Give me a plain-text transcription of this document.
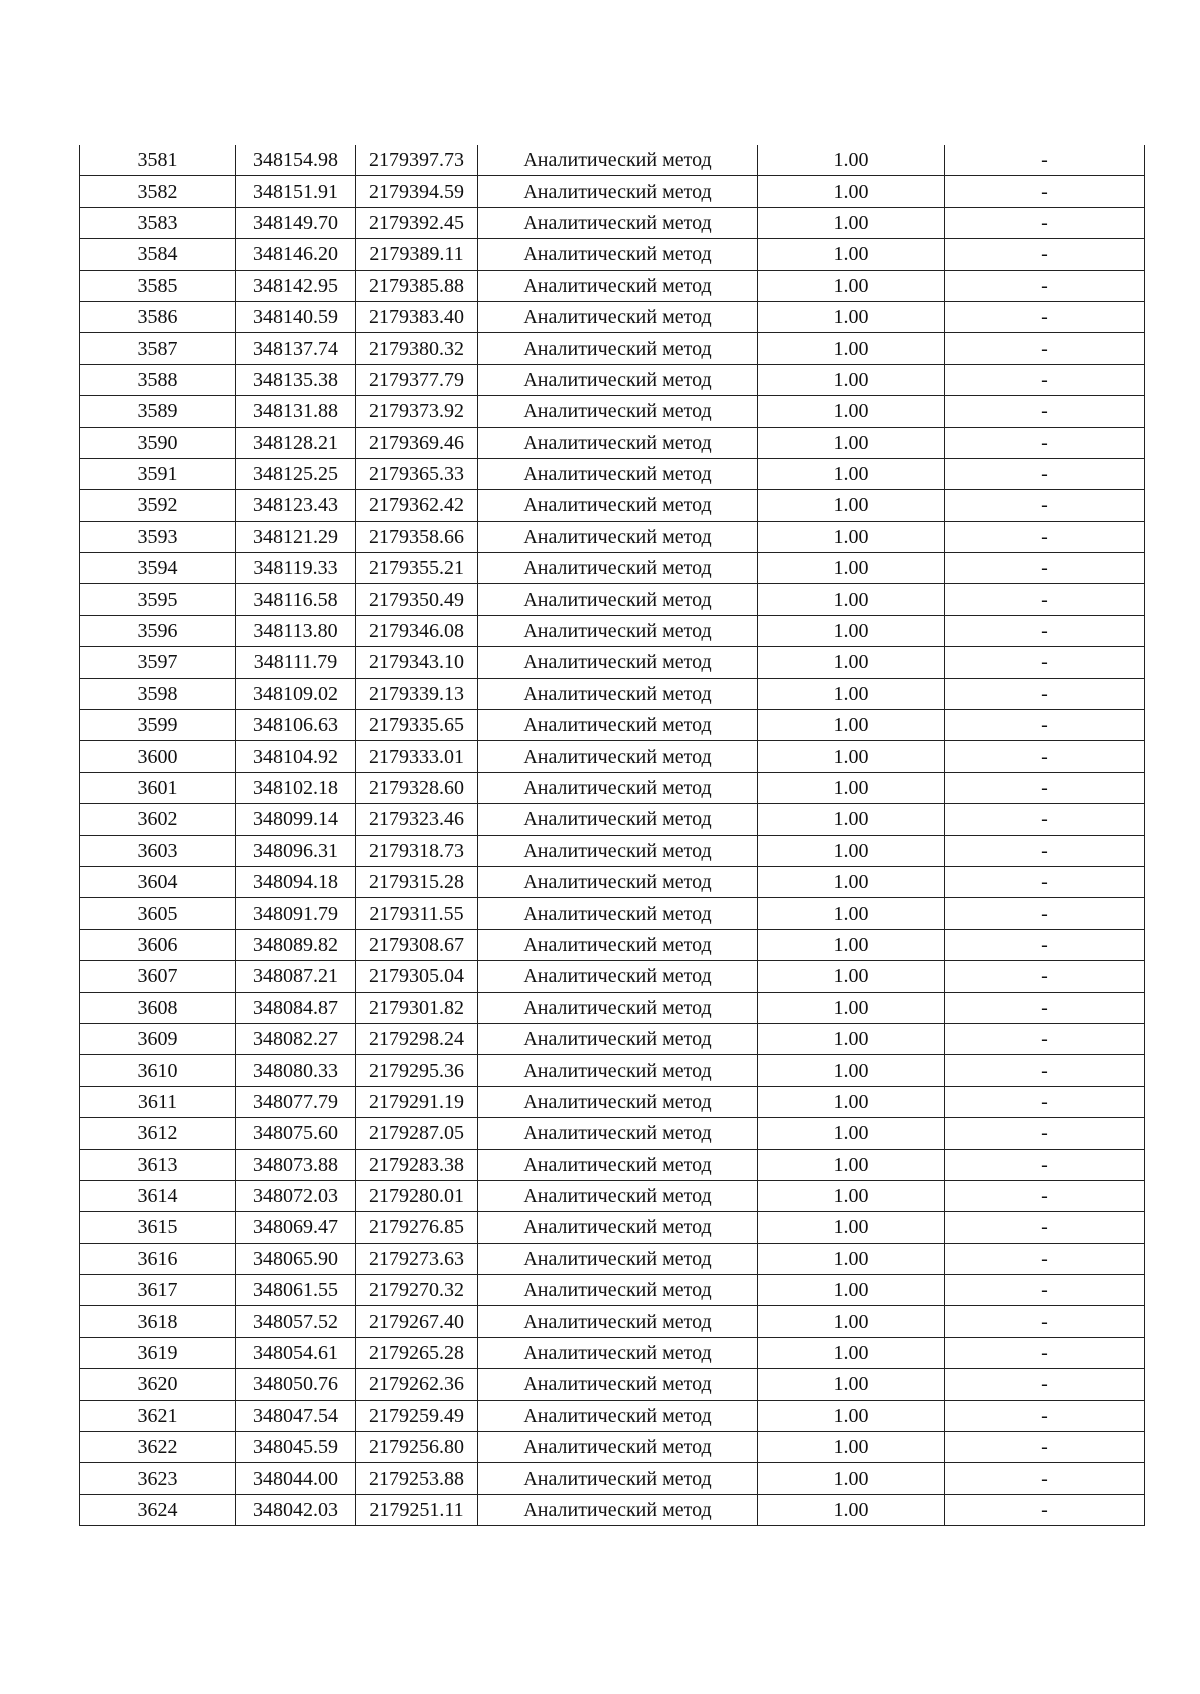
3581	348154.98	2179397.73	Аналитический метод	1.00	-
3582	348151.91	2179394.59	Аналитический метод	1.00	-
3583	348149.70	2179392.45	Аналитический метод	1.00	-
3584	348146.20	2179389.11	Аналитический метод	1.00	-
3585	348142.95	2179385.88	Аналитический метод	1.00	-
3586	348140.59	2179383.40	Аналитический метод	1.00	-
3587	348137.74	2179380.32	Аналитический метод	1.00	-
3588	348135.38	2179377.79	Аналитический метод	1.00	-
3589	348131.88	2179373.92	Аналитический метод	1.00	-
3590	348128.21	2179369.46	Аналитический метод	1.00	-
3591	348125.25	2179365.33	Аналитический метод	1.00	-
3592	348123.43	2179362.42	Аналитический метод	1.00	-
3593	348121.29	2179358.66	Аналитический метод	1.00	-
3594	348119.33	2179355.21	Аналитический метод	1.00	-
3595	348116.58	2179350.49	Аналитический метод	1.00	-
3596	348113.80	2179346.08	Аналитический метод	1.00	-
3597	348111.79	2179343.10	Аналитический метод	1.00	-
3598	348109.02	2179339.13	Аналитический метод	1.00	-
3599	348106.63	2179335.65	Аналитический метод	1.00	-
3600	348104.92	2179333.01	Аналитический метод	1.00	-
3601	348102.18	2179328.60	Аналитический метод	1.00	-
3602	348099.14	2179323.46	Аналитический метод	1.00	-
3603	348096.31	2179318.73	Аналитический метод	1.00	-
3604	348094.18	2179315.28	Аналитический метод	1.00	-
3605	348091.79	2179311.55	Аналитический метод	1.00	-
3606	348089.82	2179308.67	Аналитический метод	1.00	-
3607	348087.21	2179305.04	Аналитический метод	1.00	-
3608	348084.87	2179301.82	Аналитический метод	1.00	-
3609	348082.27	2179298.24	Аналитический метод	1.00	-
3610	348080.33	2179295.36	Аналитический метод	1.00	-
3611	348077.79	2179291.19	Аналитический метод	1.00	-
3612	348075.60	2179287.05	Аналитический метод	1.00	-
3613	348073.88	2179283.38	Аналитический метод	1.00	-
3614	348072.03	2179280.01	Аналитический метод	1.00	-
3615	348069.47	2179276.85	Аналитический метод	1.00	-
3616	348065.90	2179273.63	Аналитический метод	1.00	-
3617	348061.55	2179270.32	Аналитический метод	1.00	-
3618	348057.52	2179267.40	Аналитический метод	1.00	-
3619	348054.61	2179265.28	Аналитический метод	1.00	-
3620	348050.76	2179262.36	Аналитический метод	1.00	-
3621	348047.54	2179259.49	Аналитический метод	1.00	-
3622	348045.59	2179256.80	Аналитический метод	1.00	-
3623	348044.00	2179253.88	Аналитический метод	1.00	-
3624	348042.03	2179251.11	Аналитический метод	1.00	-
